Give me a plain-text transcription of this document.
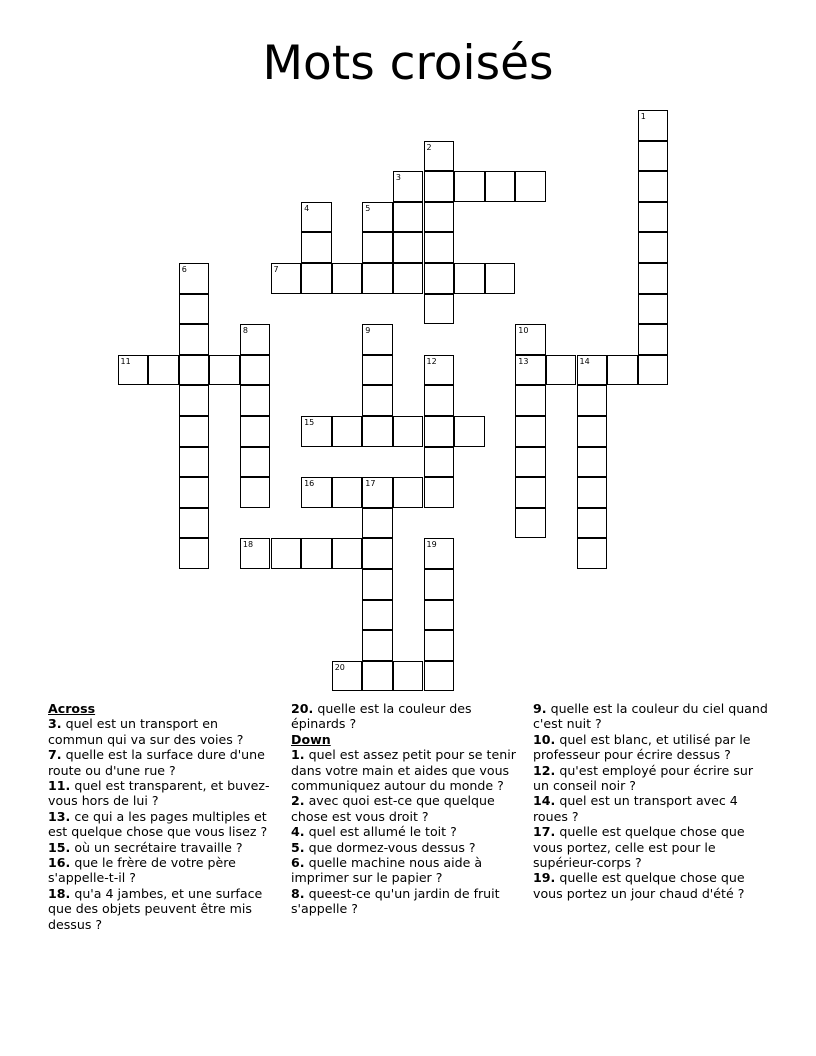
Mots croisés
1
2
3
4	5
6	7
8	9	10
11	12	13	14
15
16	17
18	19
20
Across

3. quel est un transport en commun qui va sur des voies ?

7. quelle est la surface dure d'une route ou d'une rue ?

11. quel est transparent, et buvez-vous hors de lui ?

13. ce qui a les pages multiples et est quelque chose que vous lisez ?

15. où un secrétaire travaille ?

16. que le frère de votre père s'appelle-t-il ?

18. qu'a 4 jambes, et une surface que des objets peuvent être mis dessus ?

20. quelle est la couleur des épinards ?

Down

1. quel est assez petit pour se tenir dans votre main et aides que vous communiquez autour du monde ?

2. avec quoi est-ce que quelque chose est vous droit ?

4. quel est allumé le toit ?

5. que dormez-vous dessus ?

6. quelle machine nous aide à imprimer sur le papier ?

8. queest-ce qu'un jardin de fruit s'appelle ?

9. quelle est la couleur du ciel quand c'est nuit ?

10. quel est blanc, et utilisé par le professeur pour écrire dessus ?

12. qu'est employé pour écrire sur un conseil noir ?

14. quel est un transport avec 4 roues ?

17. quelle est quelque chose que vous portez, celle est pour le supérieur-corps ?

19. quelle est quelque chose que vous portez un jour chaud d'été ?
